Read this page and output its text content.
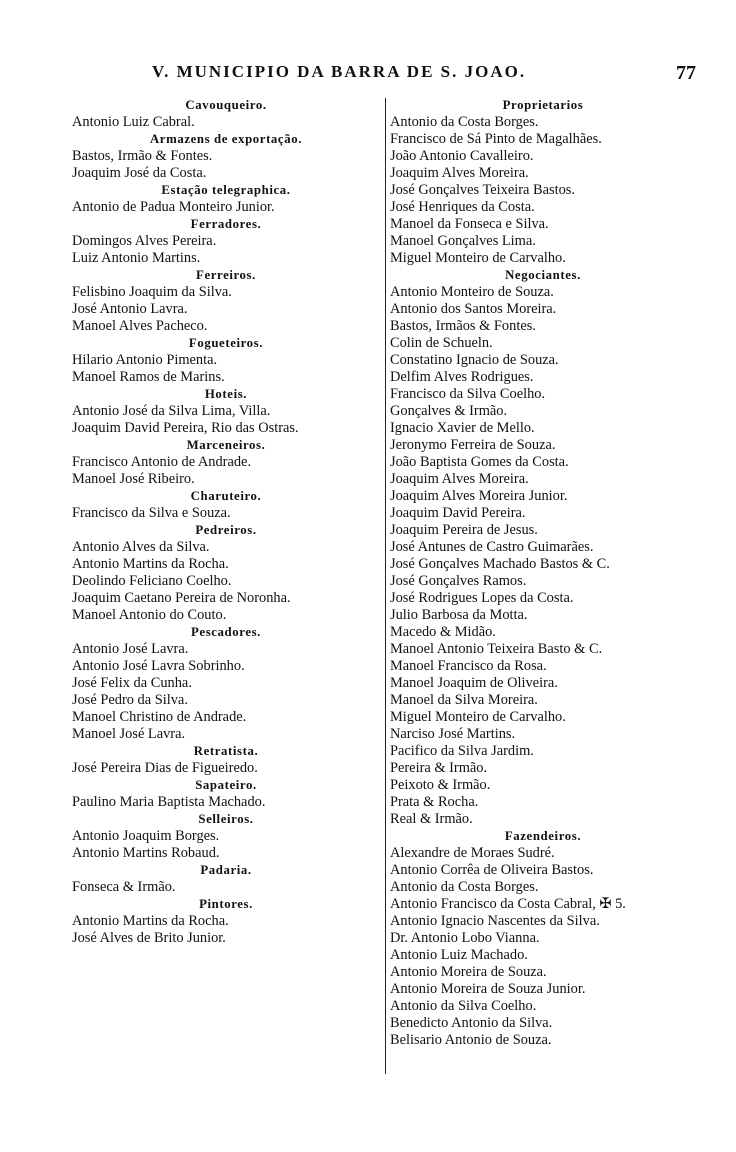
V. MUNICIPIO DA BARRA DE S. JOAO.	77
Cavouqueiro.
Antonio Luiz Cabral.
Armazens de exportação.
Bastos, Irmão & Fontes.
Joaquim José da Costa.
Estação telegraphica.
Antonio de Padua Monteiro Junior.
Ferradores.
Domingos Alves Pereira.
Luiz Antonio Martins.
Ferreiros.
Felisbino Joaquim da Silva.
José Antonio Lavra.
Manoel Alves Pacheco.
Fogueteiros.
Hilario Antonio Pimenta.
Manoel Ramos de Marins.
Hoteis.
Antonio José da Silva Lima, Villa.
Joaquim David Pereira, Rio das Ostras.
Marceneiros.
Francisco Antonio de Andrade.
Manoel José Ribeiro.
Charuteiro.
Francisco da Silva e Souza.
Pedreiros.
Antonio Alves da Silva.
Antonio Martins da Rocha.
Deolindo Feliciano Coelho.
Joaquim Caetano Pereira de Noronha.
Manoel Antonio do Couto.
Pescadores.
Antonio José Lavra.
Antonio José Lavra Sobrinho.
José Felix da Cunha.
José Pedro da Silva.
Manoel Christino de Andrade.
Manoel José Lavra.
Retratista.
José Pereira Dias de Figueiredo.
Sapateiro.
Paulino Maria Baptista Machado.
Selleiros.
Antonio Joaquim Borges.
Antonio Martins Robaud.
Padaria.
Fonseca & Irmão.
Pintores.
Antonio Martins da Rocha.
José Alves de Brito Junior.
Proprietarios
Antonio da Costa Borges.
Francisco de Sá Pinto de Magalhães.
João Antonio Cavalleiro.
Joaquim Alves Moreira.
José Gonçalves Teixeira Bastos.
José Henriques da Costa.
Manoel da Fonseca e Silva.
Manoel Gonçalves Lima.
Miguel Monteiro de Carvalho.
Negociantes.
Antonio Monteiro de Souza.
Antonio dos Santos Moreira.
Bastos, Irmãos & Fontes.
Colin de Schueln.
Constatino Ignacio de Souza.
Delfim Alves Rodrigues.
Francisco da Silva Coelho.
Gonçalves & Irmão.
Ignacio Xavier de Mello.
Jeronymo Ferreira de Souza.
João Baptista Gomes da Costa.
Joaquim Alves Moreira.
Joaquim Alves Moreira Junior.
Joaquim David Pereira.
Joaquim Pereira de Jesus.
José Antunes de Castro Guimarães.
José Gonçalves Machado Bastos & C.
José Gonçalves Ramos.
José Rodrigues Lopes da Costa.
Julio Barbosa da Motta.
Macedo & Midão.
Manoel Antonio Teixeira Basto & C.
Manoel Francisco da Rosa.
Manoel Joaquim de Oliveira.
Manoel da Silva Moreira.
Miguel Monteiro de Carvalho.
Narciso José Martins.
Pacifico da Silva Jardim.
Pereira & Irmão.
Peixoto & Irmão.
Prata & Rocha.
Real & Irmão.
Fazendeiros.
Alexandre de Moraes Sudré.
Antonio Corrêa de Oliveira Bastos.
Antonio da Costa Borges.
Antonio Francisco da Costa Cabral, ✠ 5.
Antonio Ignacio Nascentes da Silva.
Dr. Antonio Lobo Vianna.
Antonio Luiz Machado.
Antonio Moreira de Souza.
Antonio Moreira de Souza Junior.
Antonio da Silva Coelho.
Benedicto Antonio da Silva.
Belisario Antonio de Souza.
